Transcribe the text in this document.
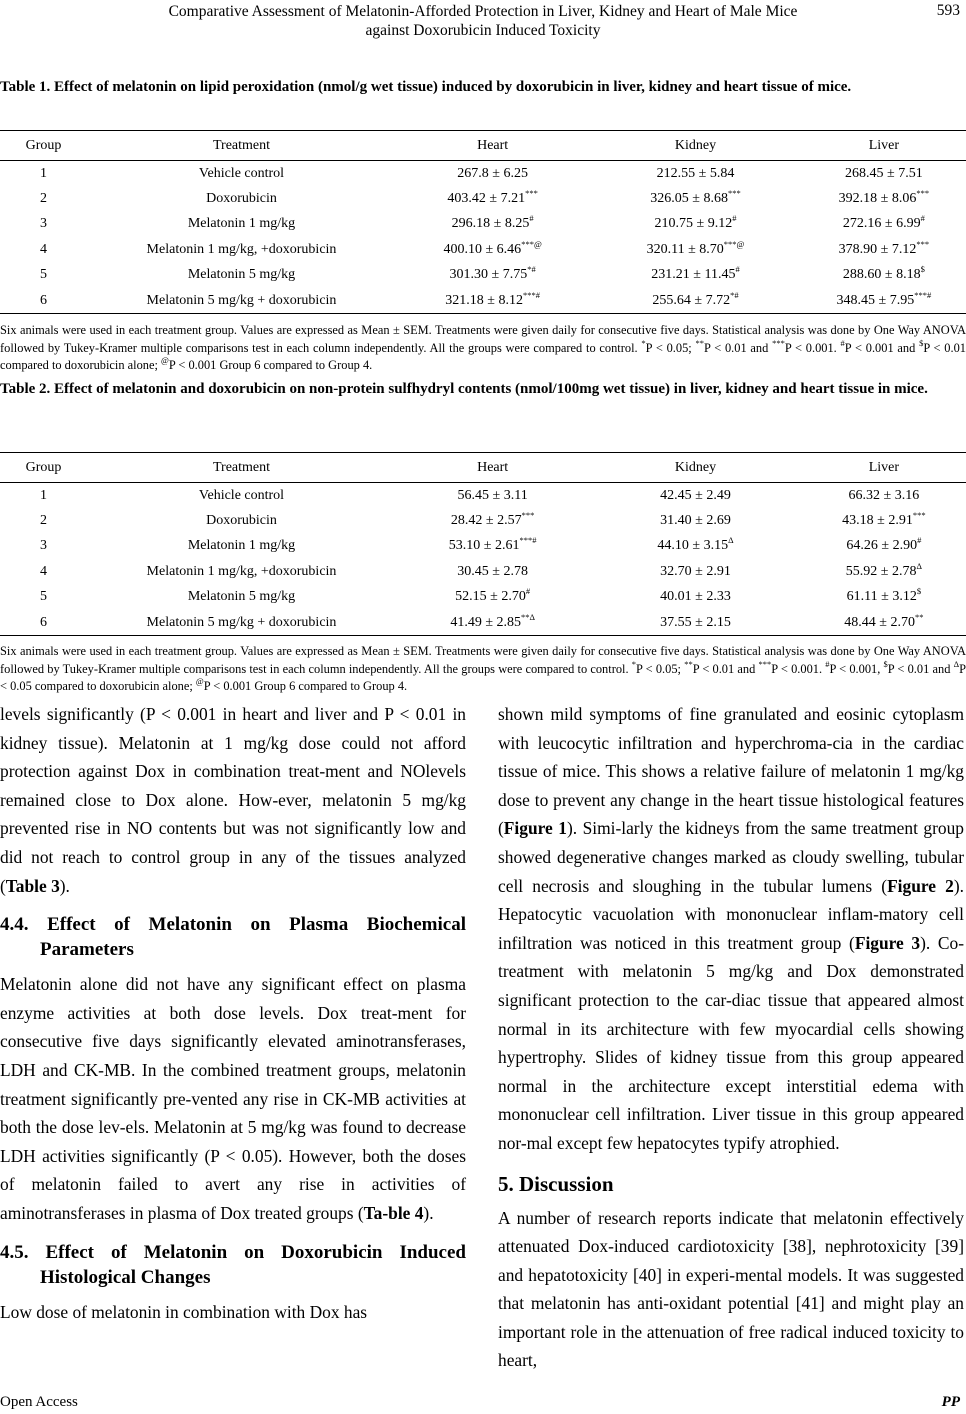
Comparative Assessment of Melatonin-Afforded Protection in Liver, Kidney and Heart of Male Mice
against Doxorubicin Induced Toxicity
593
Table 1. Effect of melatonin on lipid peroxidation (nmol/g wet tissue) induced by doxorubicin in liver, kidney and heart tissue of mice.
Group	Treatment	Heart	Kidney	Liver
1	Vehicle control	267.8 ± 6.25	212.55 ± 5.84	268.45 ± 7.51
2	Doxorubicin	403.42 ± 7.21***	326.05 ± 8.68***	392.18 ± 8.06***
3	Melatonin 1 mg/kg	296.18 ± 8.25#	210.75 ± 9.12#	272.16 ± 6.99#
4	Melatonin 1 mg/kg, +doxorubicin	400.10 ± 6.46***@	320.11 ± 8.70***@	378.90 ± 7.12***
5	Melatonin 5 mg/kg	301.30 ± 7.75*#	231.21 ± 11.45#	288.60 ± 8.18$
6	Melatonin 5 mg/kg + doxorubicin	321.18 ± 8.12***#	255.64 ± 7.72*#	348.45 ± 7.95***#
Six animals were used in each treatment group. Values are expressed as Mean ± SEM. Treatments were given daily for consecutive five days. Statistical analysis was done by One Way ANOVA followed by Tukey-Kramer multiple comparisons test in each column independently. All the groups were compared to control. *P < 0.05; **P < 0.01 and ***P < 0.001. #P < 0.001 and $P < 0.01 compared to doxorubicin alone; @P < 0.001 Group 6 compared to Group 4.
Table 2. Effect of melatonin and doxorubicin on non-protein sulfhydryl contents (nmol/100mg wet tissue) in liver, kidney and heart tissue in mice.
Group	Treatment	Heart	Kidney	Liver
1	Vehicle control	56.45 ± 3.11	42.45 ± 2.49	66.32 ± 3.16
2	Doxorubicin	28.42 ± 2.57***	31.40 ± 2.69	43.18 ± 2.91***
3	Melatonin 1 mg/kg	53.10 ± 2.61***#	$44.10 \pm 3.15^\Delta$	64.26 ± 2.90#
4	Melatonin 1 mg/kg, +doxorubicin	30.45 ± 2.78	32.70 ± 2.91	$55.92 \pm 2.78^\Delta$
5	Melatonin 5 mg/kg	52.15 ± 2.70#	40.01 ± 2.33	61.11 ± 3.12$
6	Melatonin 5 mg/kg + doxorubicin	$41.49 \pm 2.85^{**\Delta}$	37.55 ± 2.15	48.44 ± 2.70**
Six animals were used in each treatment group. Values are expressed as Mean ± SEM. Treatments were given daily for consecutive five days. Statistical analysis was done by One Way ANOVA followed by Tukey-Kramer multiple comparisons test in each column independently. All the groups were compared to control. *P < 0.05; **P < 0.01 and ***P < 0.001. #P < 0.001, $P < 0.01 and $^\Delta$P < 0.05 compared to doxorubicin alone; @P < 0.001 Group 6 compared to Group 4.

levels significantly (P < 0.001 in heart and liver and P < 0.01 in kidney tissue). Melatonin at 1 mg/kg dose could not afford protection against Dox in combination treat-ment and NOlevels remained close to Dox alone. How-ever, melatonin 5 mg/kg prevented rise in NO contents but was not significantly low and did not reach to control group in any of the tissues analyzed (Table 3).

4.4. Effect of Melatonin on Plasma Biochemical Parameters

Melatonin alone did not have any significant effect on plasma enzyme activities at both dose levels. Dox treat-ment for consecutive five days significantly elevated aminotransferases, LDH and CK-MB. In the combined treatment groups, melatonin treatment significantly pre-vented any rise in CK-MB activities at both the dose lev-els. Melatonin at 5 mg/kg was found to decrease LDH activities significantly (P < 0.05). However, both the doses of melatonin failed to avert any rise in activities of aminotransferases in plasma of Dox treated groups (Ta-ble 4).

4.5. Effect of Melatonin on Doxorubicin Induced Histological Changes

Low dose of melatonin in combination with Dox has

shown mild symptoms of fine granulated and eosinic cytoplasm with leucocytic infiltration and hyperchroma-cia in the cardiac tissue of mice. This shows a relative failure of melatonin 1 mg/kg dose to prevent any change in the heart tissue histological features (Figure 1). Simi-larly the kidneys from the same treatment group showed degenerative changes marked as cloudy swelling, tubular cell necrosis and sloughing in the tubular lumens (Figure 2). Hepatocytic vacuolation with mononuclear inflam-matory cell infiltration was noticed in this treatment group (Figure 3). Co-treatment with melatonin 5 mg/kg and Dox demonstrated significant protection to the car-diac tissue that appeared almost normal in its architecture with few myocardial cells showing hypertrophy. Slides of kidney tissue from this group appeared normal in the architecture except interstitial edema with mononuclear cell infiltration. Liver tissue in this group appeared nor-mal except few hepatocytes typify atrophied.

5. Discussion

A number of research reports indicate that melatonin effectively attenuated Dox-induced cardiotoxicity [38], nephrotoxicity [39] and hepatotoxicity [40] in experi-mental models. It was suggested that melatonin has anti-oxidant potential [41] and might play an important role in the attenuation of free radical induced toxicity to heart,

Open Access	PP
